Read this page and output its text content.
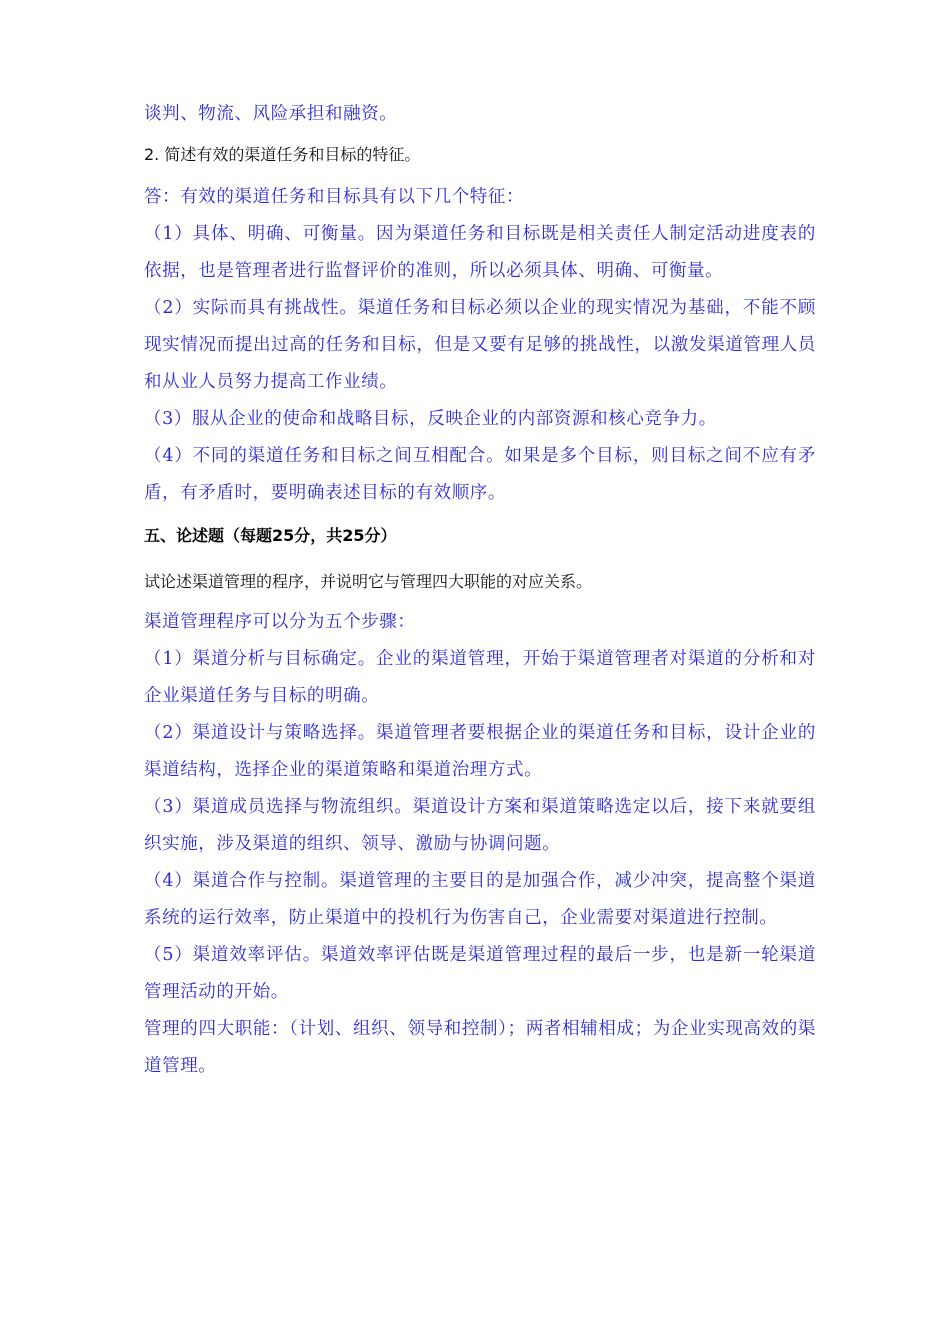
谈判、物流、风险承担和融资。

2. 简述有效的渠道任务和目标的特征。

答：有效的渠道任务和目标具有以下几个特征：

（1）具体、明确、可衡量。因为渠道任务和目标既是相关责任人制定活动进度表的依据，也是管理者进行监督评价的准则，所以必须具体、明确、可衡量。

（2）实际而具有挑战性。渠道任务和目标必须以企业的现实情况为基础，不能不顾现实情况而提出过高的任务和目标，但是又要有足够的挑战性，以激发渠道管理人员和从业人员努力提高工作业绩。

（3）服从企业的使命和战略目标，反映企业的内部资源和核心竞争力。

（4）不同的渠道任务和目标之间互相配合。如果是多个目标，则目标之间不应有矛盾，有矛盾时，要明确表述目标的有效顺序。

五、论述题（每题25分，共25分）
试论述渠道管理的程序，并说明它与管理四大职能的对应关系。

渠道管理程序可以分为五个步骤：

（1）渠道分析与目标确定。企业的渠道管理，开始于渠道管理者对渠道的分析和对企业渠道任务与目标的明确。

（2）渠道设计与策略选择。渠道管理者要根据企业的渠道任务和目标，设计企业的渠道结构，选择企业的渠道策略和渠道治理方式。

（3）渠道成员选择与物流组织。渠道设计方案和渠道策略选定以后，接下来就要组织实施，涉及渠道的组织、领导、激励与协调问题。

（4）渠道合作与控制。渠道管理的主要目的是加强合作，减少冲突，提高整个渠道系统的运行效率，防止渠道中的投机行为伤害自己，企业需要对渠道进行控制。

（5）渠道效率评估。渠道效率评估既是渠道管理过程的最后一步，也是新一轮渠道管理活动的开始。

管理的四大职能：（计划、组织、领导和控制）；两者相辅相成；为企业实现高效的渠道管理。
